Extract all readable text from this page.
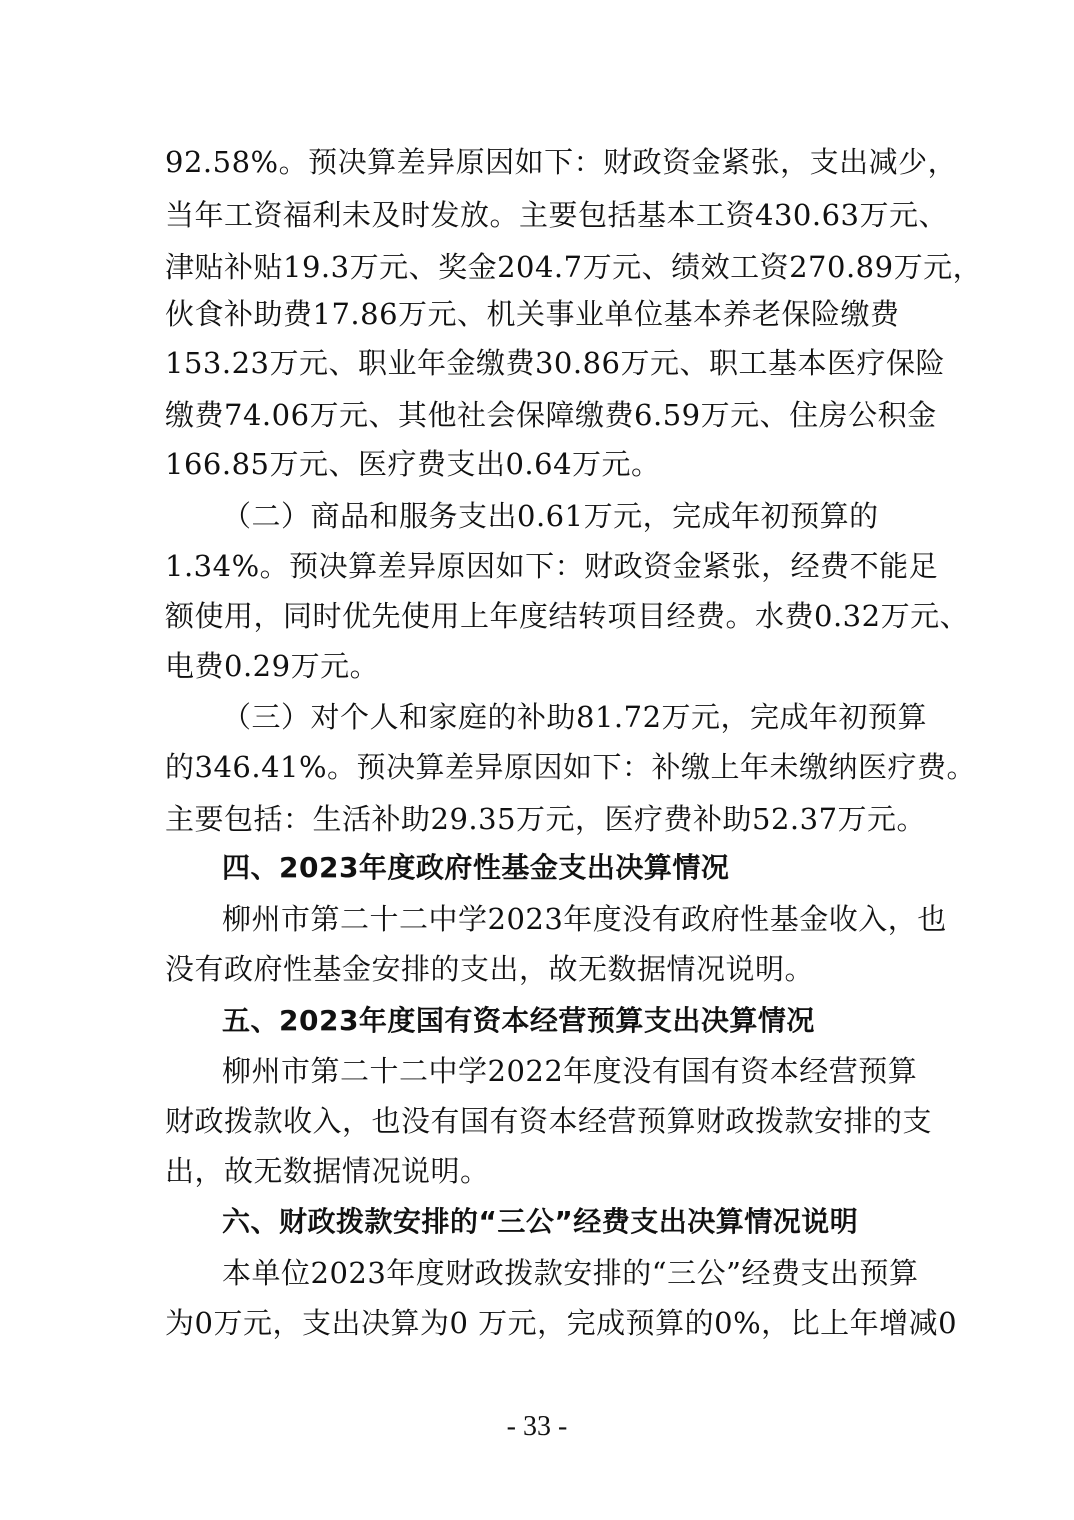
92.58%。预决算差异原因如下：财政资金紧张，支出减少，
当年工资福利未及时发放。主要包括基本工资430.63万元、
津贴补贴19.3万元、奖金204.7万元、绩效工资270.89万元，
伙食补助费17.86万元、机关事业单位基本养老保险缴费
153.23万元、职业年金缴费30.86万元、职工基本医疗保险
缴费74.06万元、其他社会保障缴费6.59万元、住房公积金
166.85万元、医疗费支出0.64万元。
（二）商品和服务支出0.61万元，完成年初预算的
1.34%。预决算差异原因如下：财政资金紧张，经费不能足
额使用，同时优先使用上年度结转项目经费。水费0.32万元、
电费0.29万元。
（三）对个人和家庭的补助81.72万元，完成年初预算
的346.41%。预决算差异原因如下：补缴上年未缴纳医疗费。
主要包括：生活补助29.35万元，医疗费补助52.37万元。
四、2023年度政府性基金支出决算情况
柳州市第二十二中学2023年度没有政府性基金收入，也
没有政府性基金安排的支出，故无数据情况说明。
五、2023年度国有资本经营预算支出决算情况
柳州市第二十二中学2022年度没有国有资本经营预算
财政拨款收入，也没有国有资本经营预算财政拨款安排的支
出，故无数据情况说明。
六、财政拨款安排的“三公”经费支出决算情况说明
本单位2023年度财政拨款安排的“三公”经费支出预算
为0万元，支出决算为0 万元，完成预算的0%，比上年增减0
- 33 -
